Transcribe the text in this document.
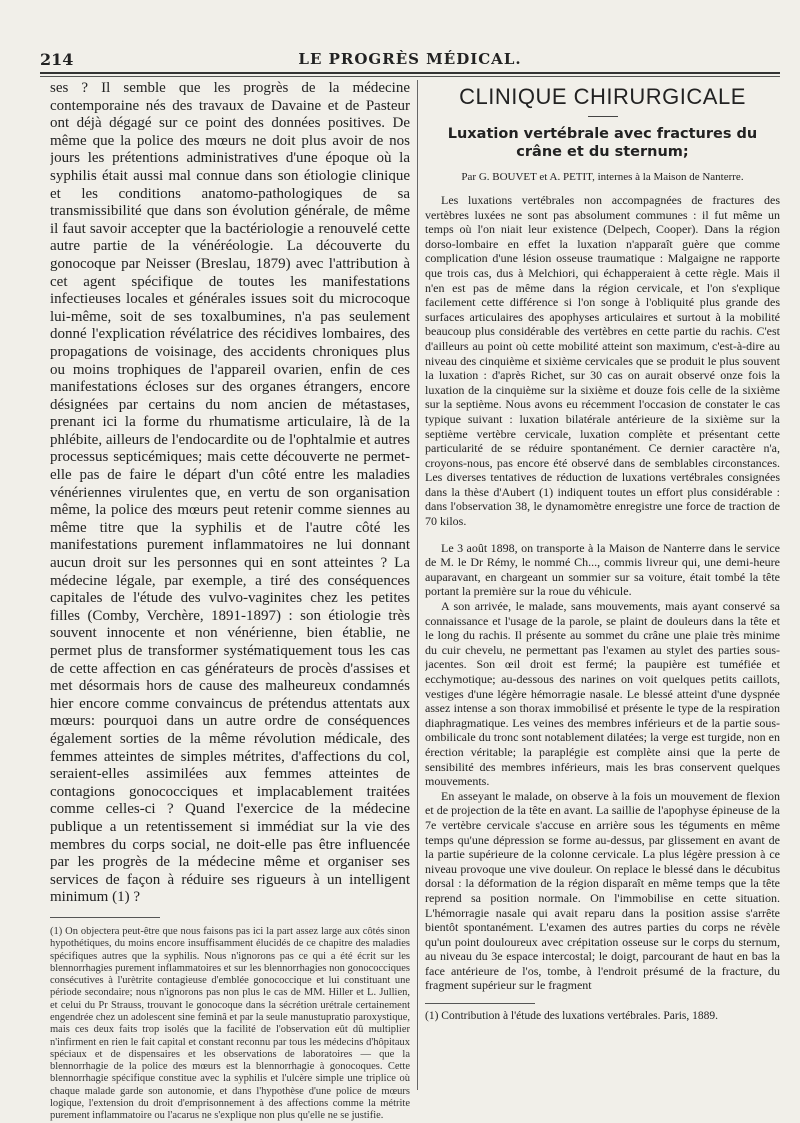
214	LE PROGRÈS MÉDICAL.

ses ? Il semble que les progrès de la médecine contemporaine nés des travaux de Davaine et de Pasteur ont déjà dégagé sur ce point des données positives. De même que la police des mœurs ne doit plus avoir de nos jours les prétentions administratives d'une époque où la syphilis était aussi mal connue dans son étiologie clinique et les conditions anatomo-pathologiques de sa transmissibilité que dans son évolution générale, de même il faut savoir accepter que la bactériologie a renouvelé cette autre partie de la vénéréologie. La découverte du gonocoque par Neisser (Breslau, 1879) avec l'attribution à cet agent spécifique de toutes les manifestations infectieuses locales et générales issues soit du microcoque lui-même, soit de ses toxalbumines, n'a pas seulement donné l'explication révélatrice des récidives lombaires, des propagations de voisinage, des accidents chroniques plus ou moins trophiques de l'appareil ovarien, enfin de ces manifestations écloses sur des organes étrangers, encore désignées par certains du nom ancien de métastases, prenant ici la forme du rhumatisme articulaire, là de la phlébite, ailleurs de l'endocardite ou de l'ophtalmie et autres processus septicémiques; mais cette découverte ne permet-elle pas de faire le départ d'un côté entre les maladies vénériennes virulentes que, en vertu de son organisation même, la police des mœurs peut retenir comme siennes au même titre que la syphilis et de l'autre côté les manifestations purement inflammatoires ne lui donnant aucun droit sur les personnes qui en sont atteintes ? La médecine légale, par exemple, a tiré des conséquences capitales de l'étude des vulvo-vaginites chez les petites filles (Comby, Verchère, 1891-1897) : son étiologie très souvent innocente et non vénérienne, bien établie, ne permet plus de transformer systématiquement tous les cas de cette affection en cas générateurs de procès d'assises et met désormais hors de cause des malheureux condamnés hier encore comme convaincus de prétendus attentats aux mœurs: pourquoi dans un autre ordre de conséquences également sorties de la même révolution médicale, des femmes atteintes de simples métrites, d'affections du col, seraient-elles assimilées aux femmes atteintes de contagions gonococciques et implacablement traitées comme celles-ci ? Quand l'exercice de la médecine publique a un retentissement si immédiat sur la vie des membres du corps social, ne doit-elle pas être influencée par les progrès de la médecine même et organiser ses services de façon à réduire ses rigueurs à un intelligent minimum (1) ?

(1) On objectera peut-être que nous faisons pas ici la part assez large aux côtés sinon hypothétiques, du moins encore insuffisamment élucidés de ce chapitre des maladies spécifiques autres que la syphilis. Nous n'ignorons pas ce qui a été écrit sur les blennorrhagies purement inflammatoires et sur les blennorrhagies non gonococciques consécutives à l'urètrite contagieuse d'emblée gonococcique et lui constituant une période secondaire; nous n'ignorons pas non plus le cas de MM. Hiller et L. Jullien, et celui du Pr Strauss, trouvant le gonocoque dans la sécrétion urétrale certainement engendrée chez un adolescent sine feminâ et par la seule manustupratio paroxystique, mais ces deux faits trop isolés que la facilité de l'observation eût dû multiplier n'infirment en rien le fait capital et constant reconnu par tous les médecins d'hôpitaux spéciaux et de dispensaires et les observations de laboratoires — que la blennorrhagie de la police des mœurs est la blennorrhagie à gonocoques. Cette blennorrhagie spécifique constitue avec la syphilis et l'ulcère simple une triplice où chaque malade garde son autonomie, et dans l'hypothèse d'une police de mœurs logique, l'extension du droit d'emprisonnement à des affections comme la métrite purement inflammatoire ou l'acarus ne s'explique non plus qu'elle ne se justifie.

CLINIQUE CHIRURGICALE

Luxation vertébrale avec fractures du crâne et du sternum;

Par G. BOUVET et A. PETIT, internes à la Maison de Nanterre.

Les luxations vertébrales non accompagnées de fractures des vertèbres luxées ne sont pas absolument communes : il fut même un temps où l'on niait leur existence (Delpech, Cooper). Dans la région dorso-lombaire en effet la luxation n'apparaît guère que comme complication d'une lésion osseuse traumatique : Malgaigne ne rapporte que trois cas, dus à Melchiori, qui échapperaient à cette règle. Mais il n'en est pas de même dans la région cervicale, et l'on s'explique facilement cette différence si l'on songe à l'obliquité plus grande des surfaces articulaires des apophyses articulaires et surtout à la mobilité beaucoup plus considérable des vertèbres en cette partie du rachis. C'est d'ailleurs au point où cette mobilité atteint son maximum, c'est-à-dire au niveau des cinquième et sixième cervicales que se produit le plus souvent la luxation : d'après Richet, sur 30 cas on aurait observé onze fois la luxation de la cinquième sur la sixième et douze fois celle de la sixième sur la septième. Nous avons eu récemment l'occasion de constater le cas typique suivant : luxation bilatérale antérieure de la sixième sur la septième vertèbre cervicale, luxation complète et présentant cette particularité de se réduire spontanément. Ce dernier caractère n'a, croyons-nous, pas encore été observé dans de semblables circonstances. Les diverses tentatives de réduction de luxations vertébrales consignées dans la thèse d'Aubert (1) indiquent toutes un effort plus considérable : dans l'observation 38, le dynamomètre enregistre une force de traction de 70 kilos.

Le 3 août 1898, on transporte à la Maison de Nanterre dans le service de M. le Dr Rémy, le nommé Ch..., commis livreur qui, une demi-heure auparavant, en chargeant un sommier sur sa voiture, était tombé la tête portant la première sur la roue du véhicule.

A son arrivée, le malade, sans mouvements, mais ayant conservé sa connaissance et l'usage de la parole, se plaint de douleurs dans la tête et le long du rachis. Il présente au sommet du crâne une plaie très minime du cuir chevelu, ne permettant pas l'examen au stylet des parties sous-jacentes. Son œil droit est fermé; la paupière est tuméfiée et ecchymotique; au-dessous des narines on voit quelques petits caillots, vestiges d'une légère hémorragie nasale. Le blessé atteint d'une dyspnée assez intense a son thorax immobilisé et présente le type de la respiration diaphragmatique. Les veines des membres inférieurs et de la partie sous-ombilicale du tronc sont notablement dilatées; la verge est turgide, non en érection véritable; la paraplégie est complète ainsi que la perte de sensibilité des membres inférieurs, mais les bras conservent quelques mouvements.

En asseyant le malade, on observe à la fois un mouvement de flexion et de projection de la tête en avant. La saillie de l'apophyse épineuse de la 7e vertèbre cervicale s'accuse en arrière sous les téguments en même temps qu'une dépression se forme au-dessus, par glissement en avant de la partie supérieure de la colonne cervicale. La plus légère pression à ce niveau provoque une vive douleur. On replace le blessé dans le décubitus dorsal : la déformation de la région disparaît en même temps que la tête reprend sa position normale. On l'immobilise en cette situation. L'hémorragie nasale qui avait reparu dans la position assise s'arrête bientôt spontanément. L'examen des autres parties du corps ne révèle qu'un point douloureux avec crépitation osseuse sur le corps du sternum, au niveau du 3e espace intercostal; le doigt, parcourant de haut en bas la face antérieure de l'os, tombe, à l'endroit présumé de la fracture, du fragment supérieur sur le fragment

(1) Contribution à l'étude des luxations vertébrales. Paris, 1889.
